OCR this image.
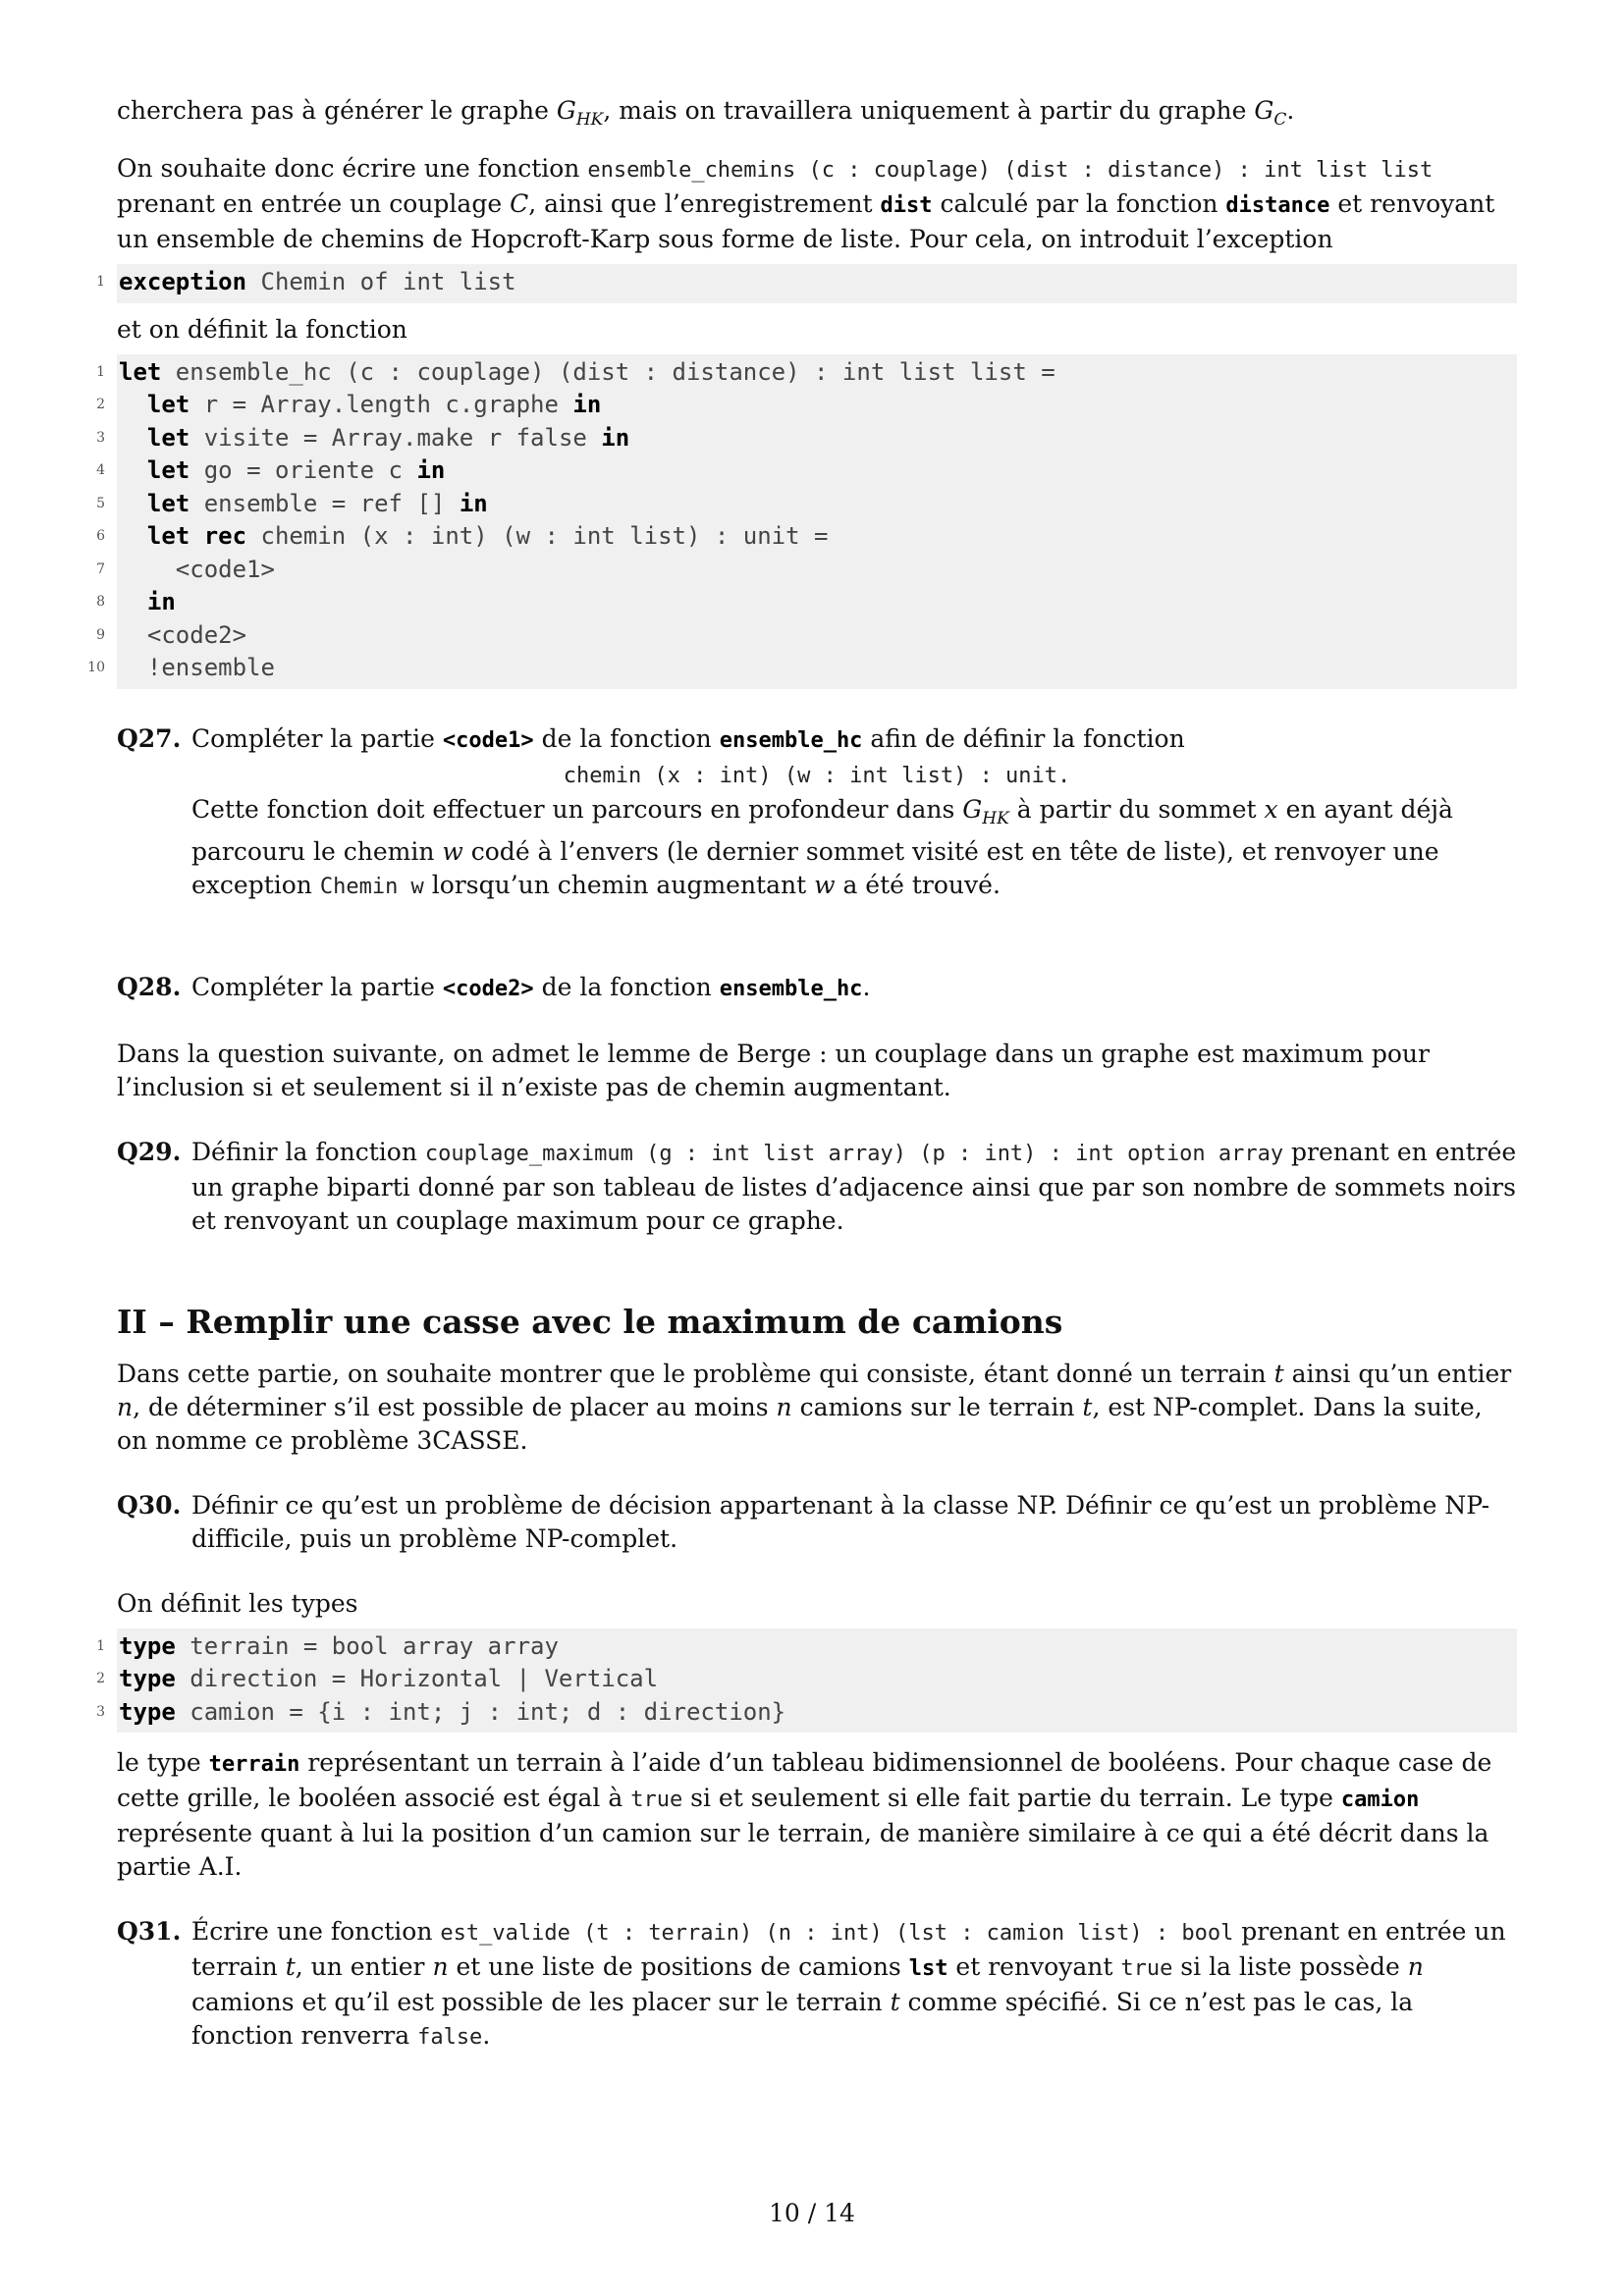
cherchera pas à générer le graphe $G_{HK}$, mais on travaillera uniquement à partir du graphe $G_C$.

On souhaite donc écrire une fonction ensemble_chemins (c : couplage) (dist : distance) : int list list prenant en entrée un couplage C, ainsi que l’enregistrement dist calculé par la fonction distance et renvoyant un ensemble de chemins de Hopcroft-Karp sous forme de liste. Pour cela, on introduit l’exception

1 exception Chemin of int list

et on définit la fonction

1 let ensemble_hc (c : couplage) (dist : distance) : int list list =
2 let r = Array.length c.graphe in
3 let visite = Array.make r false in
4 let go = oriente c in
5 let ensemble = ref [] in
6 let rec chemin (x : int) (w : int list) : unit =
7	<code1>
8 in
9 <code2>
10 !ensemble
Q27. Compléter la partie <code1> de la fonction ensemble_hc afin de définir la fonction

chemin (x : int) (w : int list) : unit.

Cette fonction doit effectuer un parcours en profondeur dans $G_{HK}$ à partir du sommet x en ayant déjà parcouru le chemin w codé à l’envers (le dernier sommet visité est en tête de liste), et renvoyer une exception Chemin w lorsqu’un chemin augmentant w a été trouvé.

Q28. Compléter la partie <code2> de la fonction ensemble_hc.

Dans la question suivante, on admet le lemme de Berge : un couplage dans un graphe est maximum pour l’inclusion si et seulement si il n’existe pas de chemin augmentant.

Q29. Définir la fonction couplage_maximum (g : int list array) (p : int) : int option array prenant en entrée un graphe biparti donné par son tableau de listes d’adjacence ainsi que par son nombre de sommets noirs et renvoyant un couplage maximum pour ce graphe.

II – Remplir une casse avec le maximum de camions

Dans cette partie, on souhaite montrer que le problème qui consiste, étant donné un terrain t ainsi qu’un entier n, de déterminer s’il est possible de placer au moins n camions sur le terrain t, est NP-complet. Dans la suite, on nomme ce problème 3CASSE.

Q30. Définir ce qu’est un problème de décision appartenant à la classe NP. Définir ce qu’est un problème NP-difficile, puis un problème NP-complet.

On définit les types

1 type terrain = bool array array
2 type direction = Horizontal | Vertical
3 type camion = {i : int; j : int; d : direction}

le type terrain représentant un terrain à l’aide d’un tableau bidimensionnel de booléens. Pour chaque case de cette grille, le booléen associé est égal à true si et seulement si elle fait partie du terrain. Le type camion représente quant à lui la position d’un camion sur le terrain, de manière similaire à ce qui a été décrit dans la partie A.I.

Q31. Écrire une fonction est_valide (t : terrain) (n : int) (lst : camion list) : bool prenant en entrée un terrain t, un entier n et une liste de positions de camions lst et renvoyant true si la liste possède n camions et qu’il est possible de les placer sur le terrain t comme spécifié. Si ce n’est pas le cas, la fonction renverra false.

10 / 14
